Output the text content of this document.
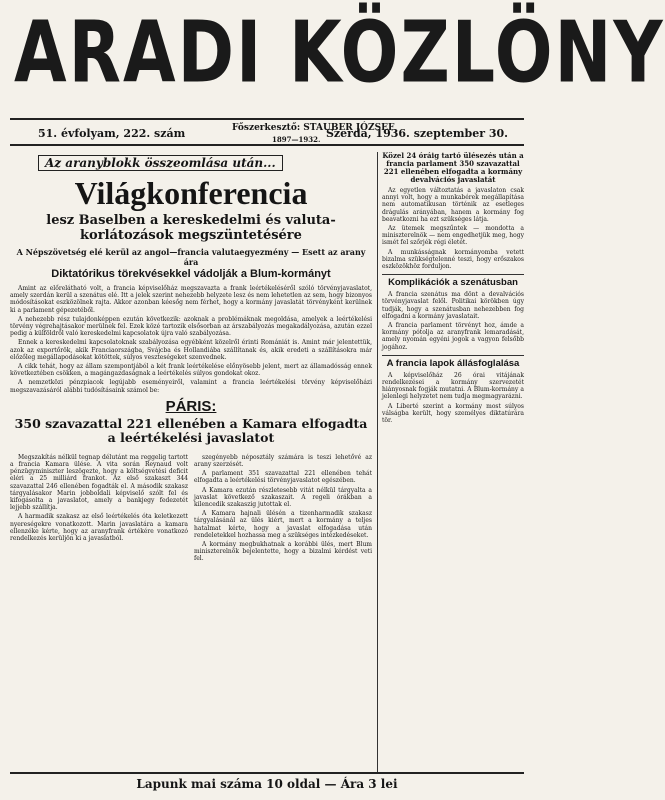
ARADI KÖZLÖNY
51. évfolyam, 222. szám	Főszerkesztő: STAUBER JÓZSEF
1897—1932. Szerda, 1936. szeptember 30.
Az aranyblokk összeomlása után...
Világkonferencia
lesz Baselben a kereskedelmi és valuta-korlátozások megszüntetésére
A Népszövetség elé kerül az angol—francia valutaegyezmény — Esett az arany ára
Diktatórikus törekvésekkel vádolják a Blum-kormányt

Amint az előrelátható volt, a francia képviselőház megszavazta a frank leértékeléséről szóló törvényjavaslatot, amely szerdán kerül a szenátus elé. Itt a jelek szerint nehezebb helyzete lesz és nem lehetetlen az sem, hogy bizonyos módosításokat eszközölnek rajta. Akkor azonban kéesőg nem férhet, hogy a kormány javaslatát törvényként kerülnek ki a parlament gépezetéből.

A nehezebb rész tulajdonképpen ezután következik: azoknak a problémáknak megoldása, amelyek a leértékelési törvény végrehajtásakor merülnek fel. Ezek közé tartozik elsősorban az árszabályozás megakadályozása, azután ezzel pedig a külföldről való kereskedelmi kapcsolatok újra való szabályozása.

Ennek a kereskedelmi kapcsolatoknak szabályozása egyébként közelről érinti Romániát is. Amint már jelentettük, azok az exportőrök, akik Franciaországba, Svájcba és Hollandiába szállítanak és, akik eredeti a szállításokra már előzőleg megállapodásokat kötöttek, súlyos veszteségeket szenvednek.

A cikk tehát, hogy az állam szempontjából a két frank leértékelése előnyösebb jelent, mert az államadósság ennek következtében csökken, a magángazdaságnak a leértékelés súlyos gondokat okoz.

A nemzetközi pénzpiacok legújabb eseményeiről, valamint a francia leértékelési törvény képviselőházi megszavazásáról alábbi tudósításaink számol be:

PÁRIS:
350 szavazattal 221 ellenében a Kamara elfogadta a leértékelési javaslatot

Megszakítás nélkül tegnap délutánt ma reggelig tartott a francia Kamara ülése. A vita során Reynaud volt pénzügyminiszter leszögezte, hogy a költségvetési deficit eléri a 25 milliárd frankot. Az első szakaszt 344 szavazattal 246 ellenében fogadták el. A második szakasz tárgyalásakor Marin jobboldali képviselő szólt fel és kifogásolta a javaslatot, amely a bankjegy fedezetét lejjebb szállítja.

A harmadik szakasz az első leértékelés óta keletkezett nyereségekre vonatkozott. Marin javaslatára a kamara ellenzéke kérte, hogy az aranyfrank értékére vonatkozó rendelkezés kerüljön ki a javaslatból.

szegényebb néposztály számára is teszi lehetővé az arany szerzését.

A parlament 351 szavazattal 221 ellenében tehát elfogadta a leértékelési törvényjavaslatot egészében.

A Kamara ezután részletesebb vitát nélkül tárgyalta a javaslat következő szakaszait. A regeli órákban a kilencedik szakaszig jutottak el.

A Kamara hajnali ülésén a tizenharmadik szakasz tárgyalásánál az ülés kiért, mert a kormány a teljes hatalmat kérte, hogy a javaslat elfogadása után rendeletekkel hozhassa meg a szükséges intézkedéseket.

A kormány megbukhatnak a korábbi ülés, mert Blum miniszterelnök bejelentette, hogy a bizalmi kérdést veti fel.

Közel 24 óráig tartó ülésezés után a francia parlament 350 szavazattal 221 ellenében elfogadta a kormány devalvációs javaslatát

Az egyetlen változtatás a javaslaton csak annyi volt, hogy a munkabérek megállapítása nem automatikusan történik az esetleges drágulás arányában, hanem a kormány fog beavatkozni ha ezt szükséges látja.

Az ütemek megszűntek — mondotta a miniszterelnök — nem engedhetjük meg, hogy ismét fel szőrjék régi életét.

A munkásságnak kormányomba vetett bizalma szükségtelenné teszi, hogy erőszakos eszközökhöz forduljon.

Komplikációk a szenátusban

A francia szenátus ma dönt a devalvációs törvényjavaslat felől. Politikai körökben úgy tudják, hogy a szenátusban nehezebben fog elfogadni a kormány javaslatait.

A francia parlament törvényt hoz, ámde a kormány pótolja az aranyfrank lemaradását, amely nyomán egyéni jogok a vagyon felsőbb jogához.

A francia lapok állásfoglalása

A képviselőház 26 órai vitájának rendelkezései a kormány szervezetét hiányosnak fogják mutatni. A Blum-kormány a jelenlegi helyzetet nem tudja megmagyarázni.

A Liberté szerint a kormány most súlyos válságba került, hogy személyes diktatúrára tör.

Lapunk mai száma 10 oldal — Ára 3 lei
